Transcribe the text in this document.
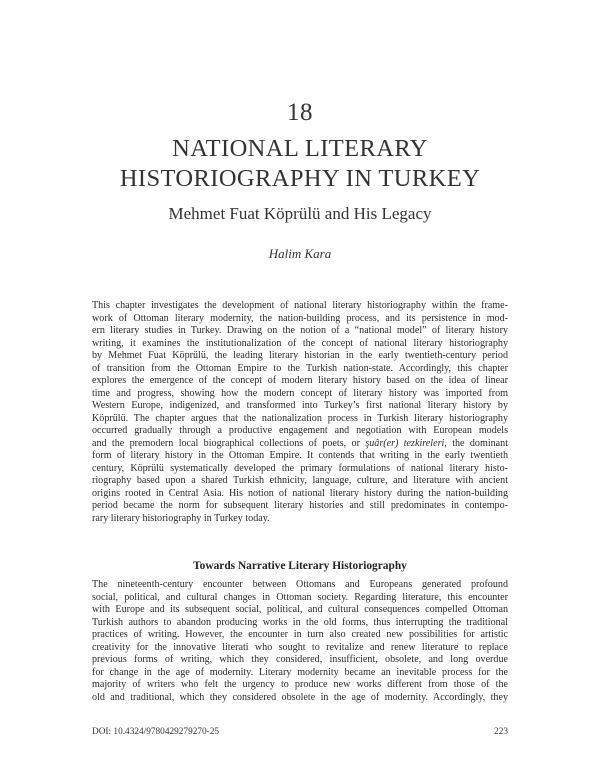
18
NATIONAL LITERARY
HISTORIOGRAPHY IN TURKEY
Mehmet Fuat Köprülü and His Legacy
Halim Kara
This chapter investigates the development of national literary historiography within the frame-
work of Ottoman literary modernity, the nation-building process, and its persistence in mod-
ern literary studies in Turkey. Drawing on the notion of a “national model” of literary history
writing, it examines the institutionalization of the concept of national literary historiography
by Mehmet Fuat Köprülü, the leading literary historian in the early twentieth-century period
of transition from the Ottoman Empire to the Turkish nation-state. Accordingly, this chapter
explores the emergence of the concept of modern literary history based on the idea of linear
time and progress, showing how the modern concept of literary history was imported from
Western Europe, indigenized, and transformed into Turkey’s first national literary history by
Köprülü. The chapter argues that the nationalization process in Turkish literary historiography
occurred gradually through a productive engagement and negotiation with European models
and the premodern local biographical collections of poets, or şuâr(er) tezkireleri, the dominant
form of literary history in the Ottoman Empire. It contends that writing in the early twentieth
century, Köprülü systematically developed the primary formulations of national literary histo-
riography based upon a shared Turkish ethnicity, language, culture, and literature with ancient
origins rooted in Central Asia. His notion of national literary history during the nation-building
period became the norm for subsequent literary histories and still predominates in contempo-
rary literary historiography in Turkey today.
Towards Narrative Literary Historiography
The nineteenth-century encounter between Ottomans and Europeans generated profound
social, political, and cultural changes in Ottoman society. Regarding literature, this encounter
with Europe and its subsequent social, political, and cultural consequences compelled Ottoman
Turkish authors to abandon producing works in the old forms, thus interrupting the traditional
practices of writing. However, the encounter in turn also created new possibilities for artistic
creativity for the innovative literati who sought to revitalize and renew literature to replace
previous forms of writing, which they considered, insufficient, obsolete, and long overdue
for change in the age of modernity. Literary modernity became an inevitable process for the
majority of writers who felt the urgency to produce new works different from those of the
old and traditional, which they considered obsolete in the age of modernity. Accordingly, they
DOI: 10.4324/9780429279270-25	223
